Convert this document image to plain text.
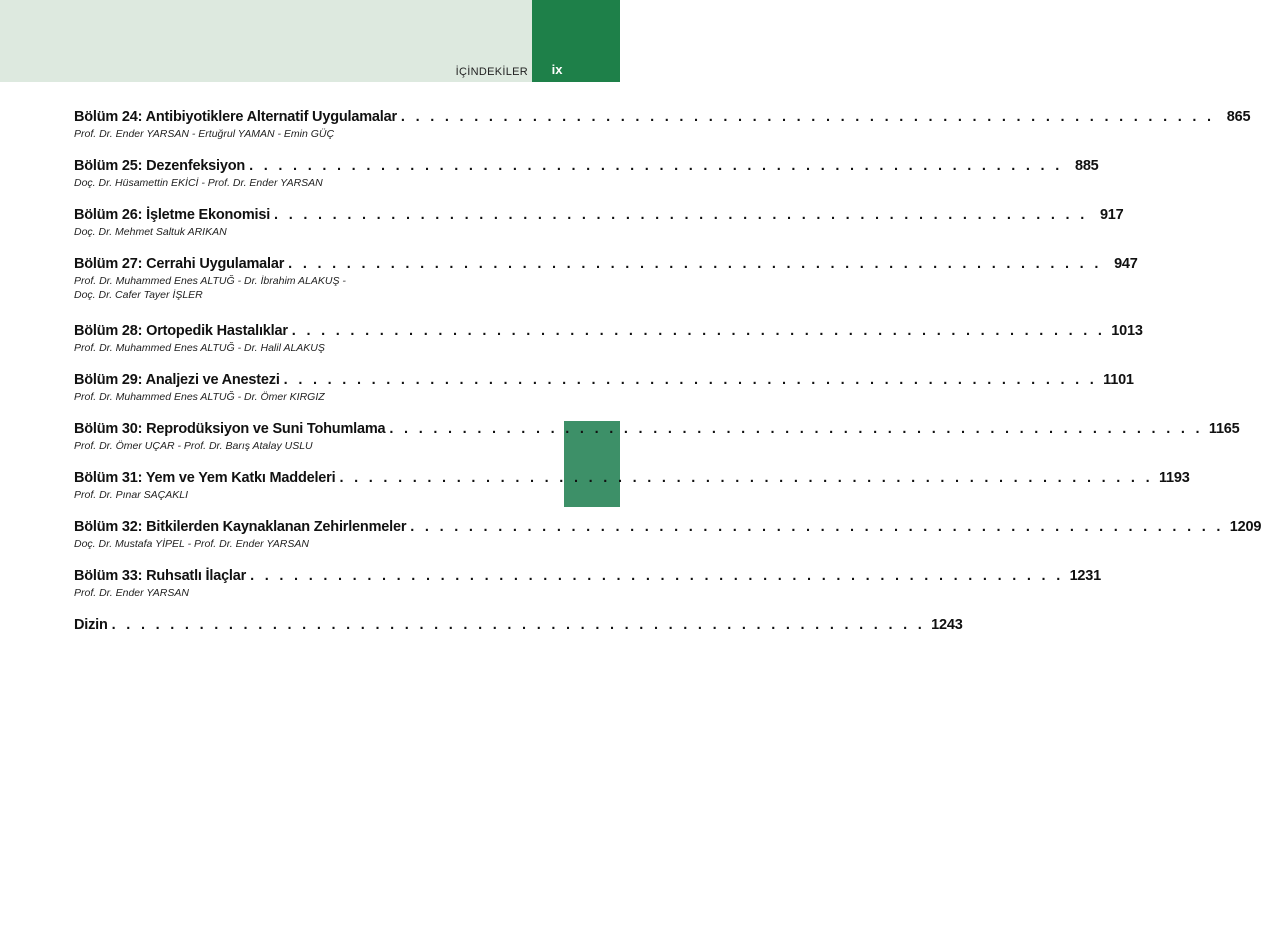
İÇİNDEKİLER	ix
Bölüm 24: Antibiyotiklere Alternatif Uygulamalar . . . . . . . . . . . . . . . . . . . . . . . . . . . . . . . . . . . . . . . . . . . . . . . . . . . . . . . . 865
Prof. Dr. Ender YARSAN - Ertuğrul YAMAN - Emin GÜÇ
Bölüm 25: Dezenfeksiyon . . . . . . . . . . . . . . . . . . . . . . . . . . . . . . . . . . . . . . . . . . . . . . . . . . . . . . . . 885
Doç. Dr. Hüsamettin EKİCİ - Prof. Dr. Ender YARSAN
Bölüm 26: İşletme Ekonomisi . . . . . . . . . . . . . . . . . . . . . . . . . . . . . . . . . . . . . . . . . . . . . . . . . . . . . . . . 917
Doç. Dr. Mehmet Saltuk ARIKAN
Bölüm 27: Cerrahi Uygulamalar . . . . . . . . . . . . . . . . . . . . . . . . . . . . . . . . . . . . . . . . . . . . . . . . . . . . . . . . 947
Prof. Dr. Muhammed Enes ALTUĞ - Dr. İbrahim ALAKUŞ -
Doç. Dr. Cafer Tayer İŞLER
Bölüm 28: Ortopedik Hastalıklar . . . . . . . . . . . . . . . . . . . . . . . . . . . . . . . . . . . . . . . . . . . . . . . . . . . . . . . . 1013
Prof. Dr. Muhammed Enes ALTUĞ - Dr. Halil ALAKUŞ
Bölüm 29: Analjezi ve Anestezi . . . . . . . . . . . . . . . . . . . . . . . . . . . . . . . . . . . . . . . . . . . . . . . . . . . . . . . . 1101
Prof. Dr. Muhammed Enes ALTUĞ - Dr. Ömer KIRGIZ
Bölüm 30: Reprodüksiyon ve Suni Tohumlama . . . . . . . . . . . . . . . . . . . . . . . . . . . . . . . . . . . . . . . . . . . . . . . . . . . . . . . . 1165
Prof. Dr. Ömer UÇAR - Prof. Dr. Barış Atalay USLU
Bölüm 31: Yem ve Yem Katkı Maddeleri . . . . . . . . . . . . . . . . . . . . . . . . . . . . . . . . . . . . . . . . . . . . . . . . . . . . . . . . 1193
Prof. Dr. Pınar SAÇAKLI
Bölüm 32: Bitkilerden Kaynaklanan Zehirlenmeler . . . . . . . . . . . . . . . . . . . . . . . . . . . . . . . . . . . . . . . . . . . . . . . . . . . . . . . . 1209
Doç. Dr. Mustafa YİPEL - Prof. Dr. Ender YARSAN
Bölüm 33: Ruhsatlı İlaçlar . . . . . . . . . . . . . . . . . . . . . . . . . . . . . . . . . . . . . . . . . . . . . . . . . . . . . . . . 1231
Prof. Dr. Ender YARSAN
Dizin . . . . . . . . . . . . . . . . . . . . . . . . . . . . . . . . . . . . . . . . . . . . . . . . . . . . . . . . 1243
